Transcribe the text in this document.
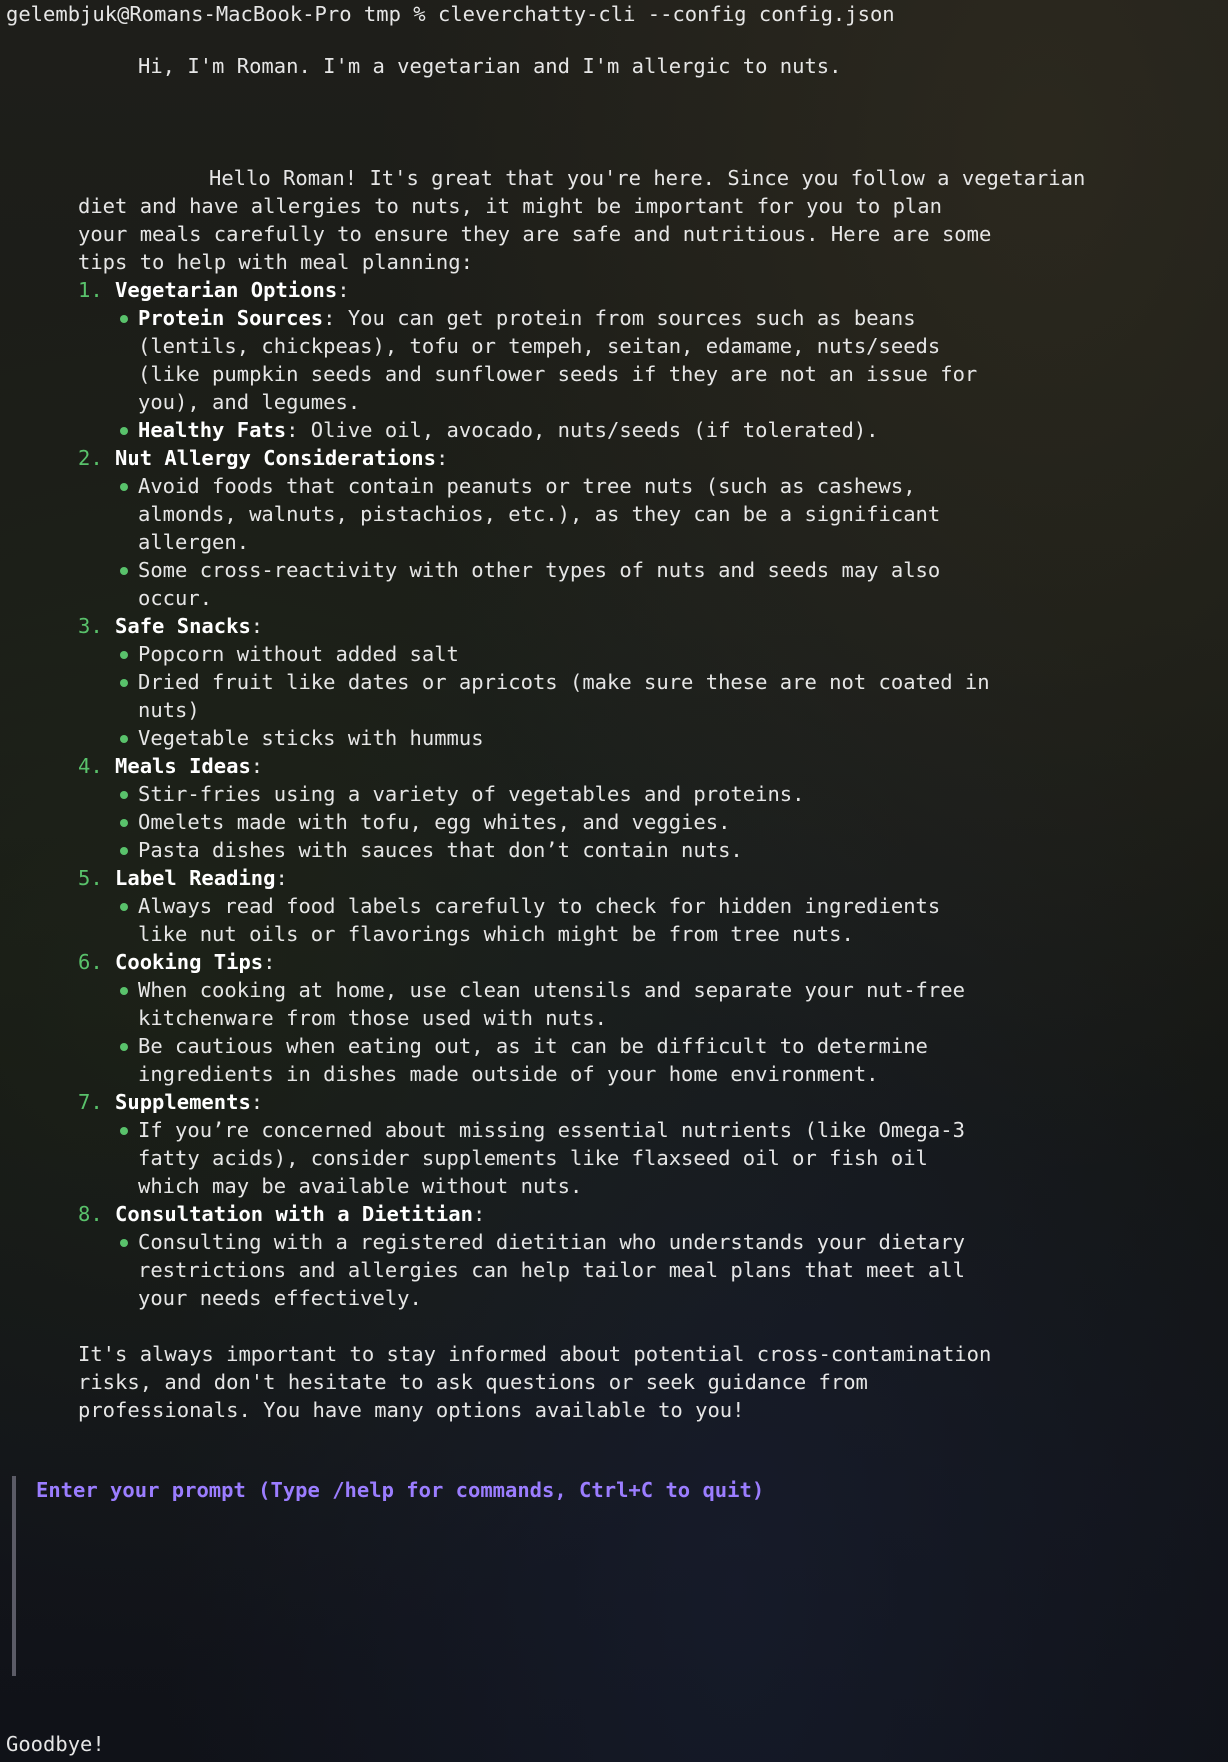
gelembjuk@Romans-MacBook-Pro tmp % cleverchatty-cli --config config.json

Hi, I'm Roman. I'm a vegetarian and I'm allergic to nuts.

Hello Roman! It's great that you're here. Since you follow a vegetarian

diet and have allergies to nuts, it might be important for you to plan
your meals carefully to ensure they are safe and nutritious. Here are some
tips to help with meal planning:
1. Vegetarian Options:
Protein Sources: You can get protein from sources such as beans
(lentils, chickpeas), tofu or tempeh, seitan, edamame, nuts/seeds
(like pumpkin seeds and sunflower seeds if they are not an issue for
you), and legumes.
Healthy Fats: Olive oil, avocado, nuts/seeds (if tolerated).
2. Nut Allergy Considerations:
Avoid foods that contain peanuts or tree nuts (such as cashews,
almonds, walnuts, pistachios, etc.), as they can be a significant
allergen.
Some cross-reactivity with other types of nuts and seeds may also
occur.
3. Safe Snacks:
Popcorn without added salt
Dried fruit like dates or apricots (make sure these are not coated in
nuts)
Vegetable sticks with hummus
4. Meals Ideas:
Stir-fries using a variety of vegetables and proteins.
Omelets made with tofu, egg whites, and veggies.
Pasta dishes with sauces that don’t contain nuts.
5. Label Reading:
Always read food labels carefully to check for hidden ingredients
like nut oils or flavorings which might be from tree nuts.
6. Cooking Tips:
When cooking at home, use clean utensils and separate your nut-free
kitchenware from those used with nuts.
Be cautious when eating out, as it can be difficult to determine
ingredients in dishes made outside of your home environment.
7. Supplements:
If you’re concerned about missing essential nutrients (like Omega-3
fatty acids), consider supplements like flaxseed oil or fish oil
which may be available without nuts.
8. Consultation with a Dietitian:
Consulting with a registered dietitian who understands your dietary
restrictions and allergies can help tailor meal plans that meet all
your needs effectively.
It's always important to stay informed about potential cross-contamination
risks, and don't hesitate to ask questions or seek guidance from
professionals. You have many options available to you!
Enter your prompt (Type /help for commands, Ctrl+C to quit)
Goodbye!
